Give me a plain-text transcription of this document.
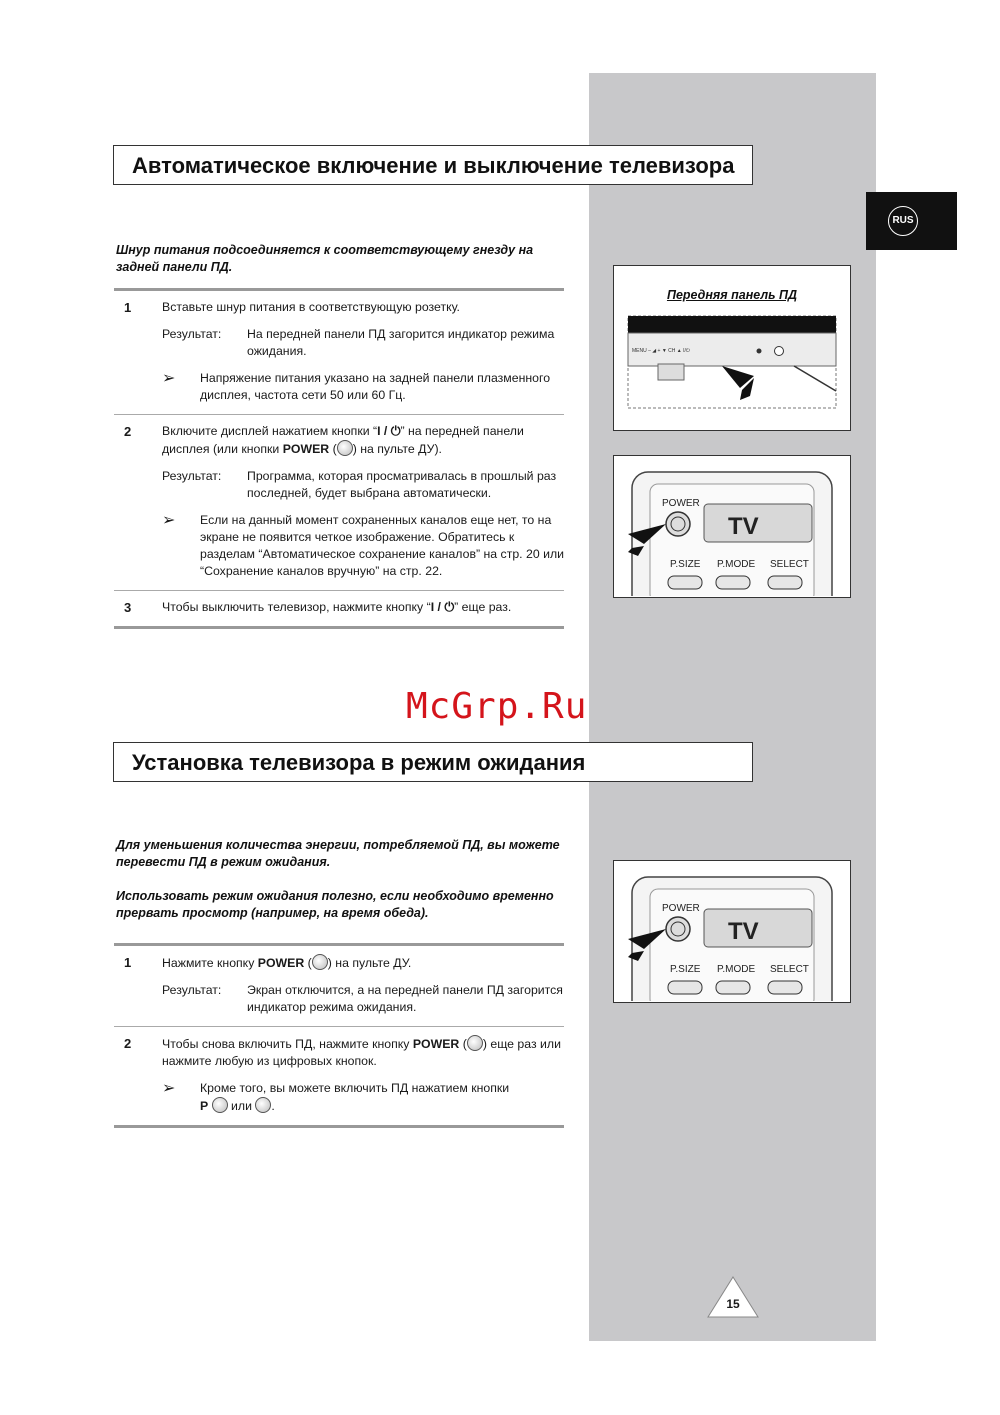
RUS
Автоматическое включение и выключение телевизора
Шнур питания подсоединяется к соответствующему гнезду на задней панели ПД.
1	Вставьте шнур питания в соответствующую розетку.
Результат:	На передней панели ПД загорится индикатор режима ожидания.
➢	Напряжение питания указано на задней панели плазменного дисплея, частота сети 50 или 60 Гц.
2	Включите дисплей нажатием кнопки “I / ⏻” на передней панели дисплея (или кнопки POWER ( ) на пульте ДУ).
Результат:	Программа, которая просматривалась в прошлый раз последней, будет выбрана автоматически.
➢	Если на данный момент сохраненных каналов еще нет, то на экране не появится четкое изображение. Обратитесь к разделам “Автоматическое сохранение каналов” на стр. 20 или “Сохранение каналов вручную” на стр. 22.
3	Чтобы выключить телевизор, нажмите кнопку “I / ⏻” еще раз.
Передняя панель ПД
MENU – ◢ + ▼ CH ▲ I/⏻
POWER
TV
P.SIZE P.MODE SELECT
McGrp.Ru
Установка телевизора в режим ожидания
Для уменьшения количества энергии, потребляемой ПД, вы можете перевести ПД в режим ожидания.
Использовать режим ожидания полезно, если необходимо временно прервать просмотр (например, на время обеда).
1	Нажмите кнопку POWER ( ) на пульте ДУ.
Результат:	Экран отключится, а на передней панели ПД загорится индикатор режима ожидания.
2	Чтобы снова включить ПД, нажмите кнопку POWER ( ) еще раз или нажмите любую из цифровых кнопок.
➢	Кроме того, вы можете включить ПД нажатием кнопки
P или .
POWER
TV
P.SIZE P.MODE SELECT
15
